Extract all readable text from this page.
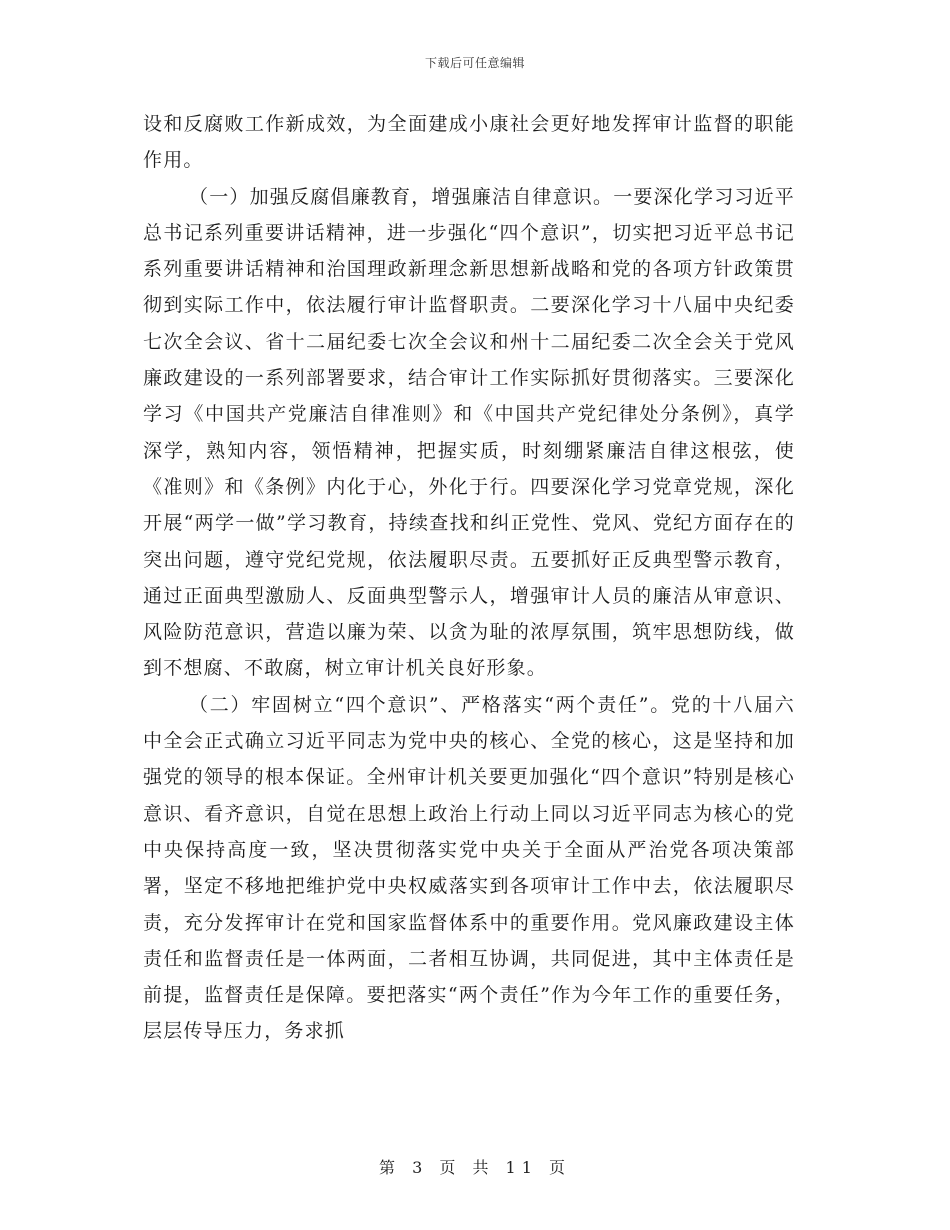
下载后可任意编辑

设和反腐败工作新成效，为全面建成小康社会更好地发挥审计监督的职能作用。

（一）加强反腐倡廉教育，增强廉洁自律意识。一要深化学习习近平总书记系列重要讲话精神，进一步强化“四个意识”，切实把习近平总书记系列重要讲话精神和治国理政新理念新思想新战略和党的各项方针政策贯彻到实际工作中，依法履行审计监督职责。二要深化学习十八届中央纪委七次全会议、省十二届纪委七次全会议和州十二届纪委二次全会关于党风廉政建设的一系列部署要求，结合审计工作实际抓好贯彻落实。三要深化学习《中国共产党廉洁自律准则》和《中国共产党纪律处分条例》，真学深学，熟知内容，领悟精神，把握实质，时刻绷紧廉洁自律这根弦，使《准则》和《条例》内化于心，外化于行。四要深化学习党章党规，深化开展“两学一做”学习教育，持续查找和纠正党性、党风、党纪方面存在的突出问题，遵守党纪党规，依法履职尽责。五要抓好正反典型警示教育，通过正面典型激励人、反面典型警示人，增强审计人员的廉洁从审意识、风险防范意识，营造以廉为荣、以贪为耻的浓厚氛围，筑牢思想防线，做到不想腐、不敢腐，树立审计机关良好形象。

（二）牢固树立“四个意识”、严格落实“两个责任”。党的十八届六中全会正式确立习近平同志为党中央的核心、全党的核心，这是坚持和加强党的领导的根本保证。全州审计机关要更加强化“四个意识”特别是核心意识、看齐意识，自觉在思想上政治上行动上同以习近平同志为核心的党中央保持高度一致，坚决贯彻落实党中央关于全面从严治党各项决策部署，坚定不移地把维护党中央权威落实到各项审计工作中去，依法履职尽责，充分发挥审计在党和国家监督体系中的重要作用。党风廉政建设主体责任和监督责任是一体两面，二者相互协调，共同促进，其中主体责任是前提，监督责任是保障。要把落实“两个责任”作为今年工作的重要任务，层层传导压力，务求抓

第 3 页 共 11 页
